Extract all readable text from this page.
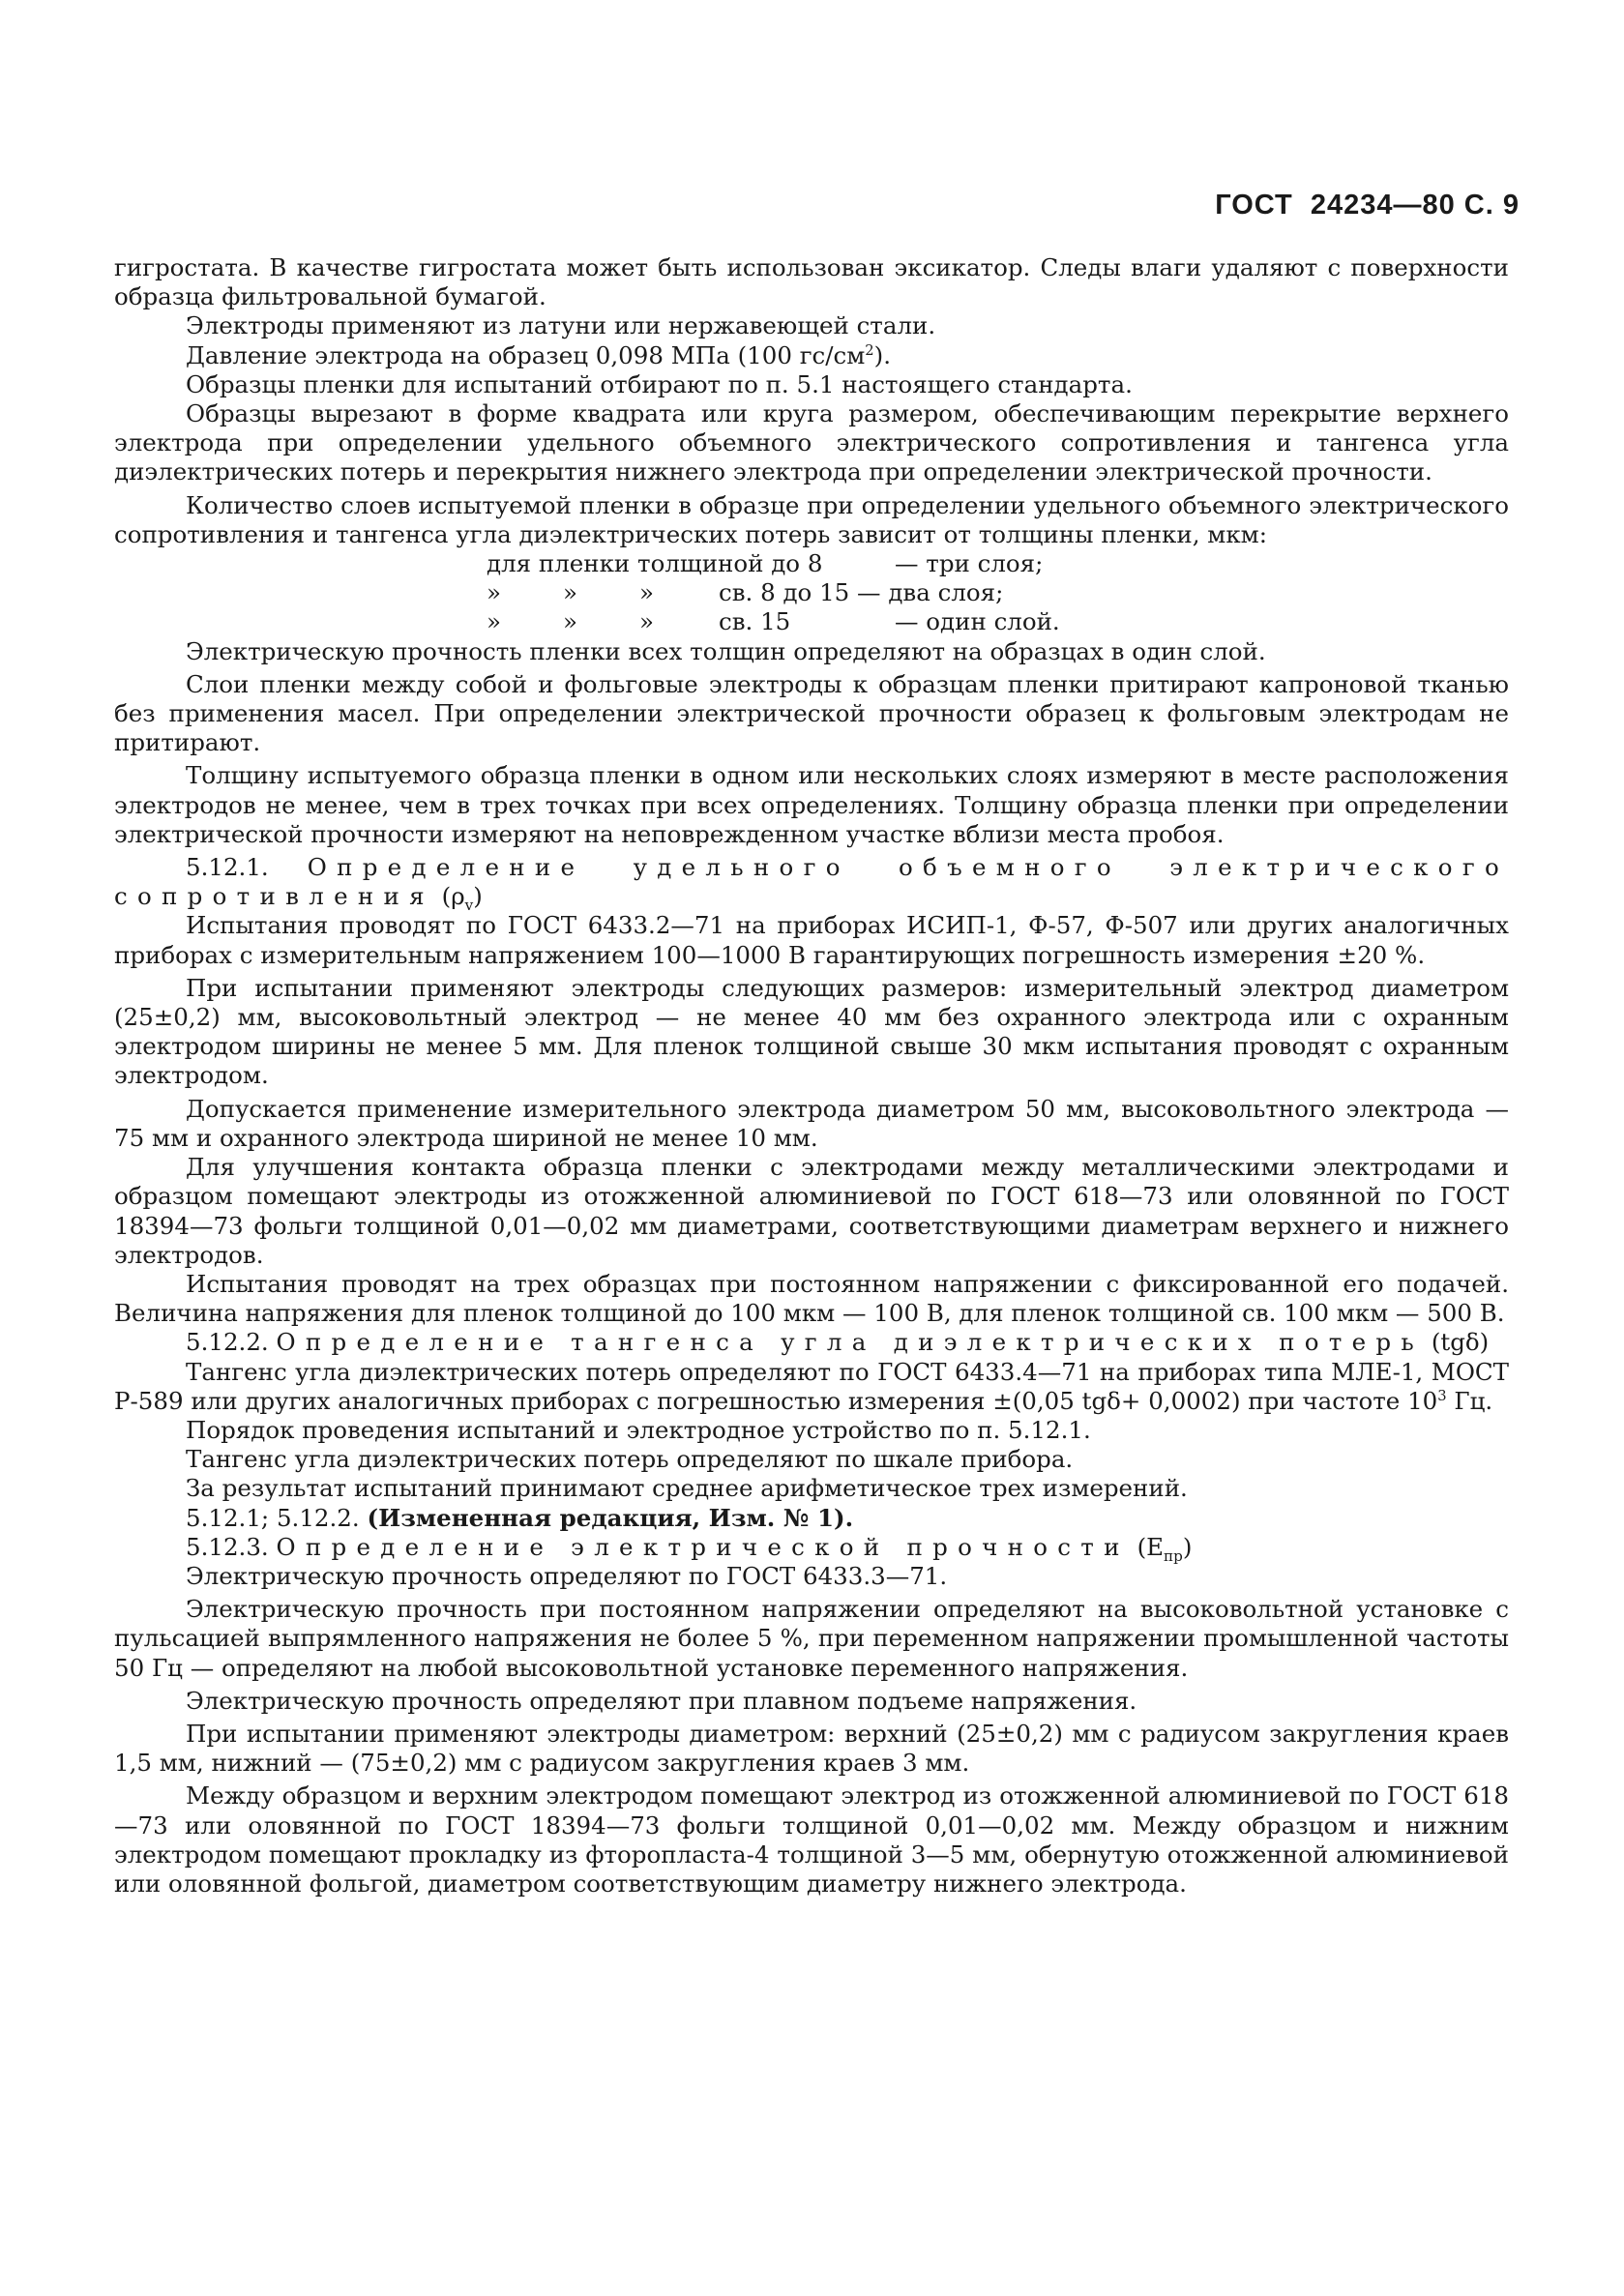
ГОСТ  24234—80 С. 9

гигростата. В качестве гигростата может быть использован эксикатор. Следы влаги удаляют с поверхности образца фильтровальной бумагой.

Электроды применяют из латуни или нержавеющей стали.

Давление электрода на образец 0,098 МПа (100 $гс/см^2$).

Образцы пленки для испытаний отбирают по п. 5.1 настоящего стандарта.

Образцы вырезают в форме квадрата или круга размером, обеспечивающим перекрытие верхнего электрода при определении удельного объемного электрического сопротивления и тангенса угла диэлектрических потерь и перекрытия нижнего электрода при определении электрической прочности.

Количество слоев испытуемой пленки в образце при определении удельного объемного электрического сопротивления и тангенса угла диэлектрических потерь зависит от толщины пленки, мкм:

для пленки толщиной до 8	— три слоя;
»	»	»	св. 8 до 15 — два слоя;
»	»	»	св. 15	— один слой.

Электрическую прочность пленки всех толщин определяют на образцах в один слой.

Слои пленки между собой и фольговые электроды к образцам пленки притирают капроновой тканью без применения масел. При определении электрической прочности образец к фольговым электродам не притирают.

Толщину испытуемого образца пленки в одном или нескольких слоях измеряют в месте расположения электродов не менее, чем в трех точках при всех определениях. Толщину образца пленки при определении электрической прочности измеряют на неповрежденном участке вблизи места пробоя.

5.12.1. Определение удельного объемного электрического сопротивления $(\rho_v)$

Испытания проводят по ГОСТ 6433.2—71 на приборах ИСИП-1, Ф-57, Ф-507 или других аналогичных приборах с измерительным напряжением 100—1000 В гарантирующих погрешность измерения ±20 %.

При испытании применяют электроды следующих размеров: измерительный электрод диаметром (25±0,2) мм, высоковольтный электрод — не менее 40 мм без охранного электрода или с охранным электродом ширины не менее 5 мм. Для пленок толщиной свыше 30 мкм испытания проводят с охранным электродом.

Допускается применение измерительного электрода диаметром 50 мм, высоковольтного электрода — 75 мм и охранного электрода шириной не менее 10 мм.

Для улучшения контакта образца пленки с электродами между металлическими электродами и образцом помещают электроды из отожженной алюминиевой по ГОСТ 618—73 или оловянной по ГОСТ 18394—73 фольги толщиной 0,01—0,02 мм диаметрами, соответствующими диаметрам верхнего и нижнего электродов.

Испытания проводят на трех образцах при постоянном напряжении с фиксированной его подачей. Величина напряжения для пленок толщиной до 100 мкм — 100 В, для пленок толщиной св. 100 мкм — 500 В.

5.12.2. Определение тангенса угла диэлектрических потерь (tgδ)

Тангенс угла диэлектрических потерь определяют по ГОСТ 6433.4—71 на приборах типа МЛЕ-1, МОСТ Р-589 или других аналогичных приборах с погрешностью измерения ±(0,05 tgδ+ 0,0002) при частоте $10^3$ Гц.

Порядок проведения испытаний и электродное устройство по п. 5.12.1.

Тангенс угла диэлектрических потерь определяют по шкале прибора.

За результат испытаний принимают среднее арифметическое трех измерений.

5.12.1; 5.12.2. (Измененная редакция, Изм. № 1).

5.12.3. Определение электрической прочности $(E_{пр})$

Электрическую прочность определяют по ГОСТ 6433.3—71.

Электрическую прочность при постоянном напряжении определяют на высоковольтной установке с пульсацией выпрямленного напряжения не более 5 %, при переменном напряжении промышленной частоты 50 Гц — определяют на любой высоковольтной установке переменного напряжения.

Электрическую прочность определяют при плавном подъеме напряжения.

При испытании применяют электроды диаметром: верхний (25±0,2) мм с радиусом закругления краев 1,5 мм, нижний — (75±0,2) мм с радиусом закругления краев 3 мм.

Между образцом и верхним электродом помещают электрод из отожженной алюминиевой по ГОСТ 618—73 или оловянной по ГОСТ 18394—73 фольги толщиной 0,01—0,02 мм. Между образцом и нижним электродом помещают прокладку из фторопласта-4 толщиной 3—5 мм, обернутую отожженной алюминиевой или оловянной фольгой, диаметром соответствующим диаметру нижнего электрода.
